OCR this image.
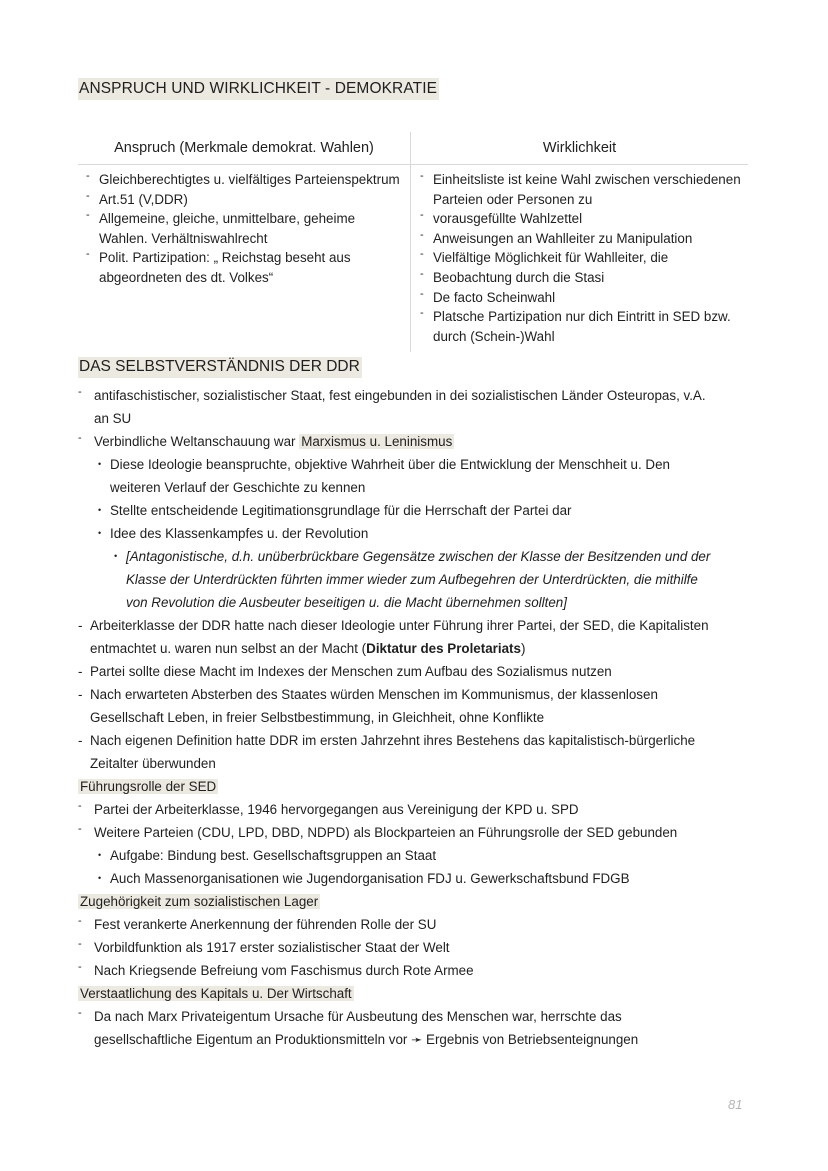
ANSPRUCH UND WIRKLICHKEIT - DEMOKRATIE
Anspruch (Merkmale demokrat. Wahlen)	Wirklichkeit
- Gleichberechtigtes u. vielfältiges Parteienspektrum
- Art.51 (V,DDR)
- Allgemeine, gleiche, unmittelbare, geheime Wahlen. Verhältniswahlrecht
- Polit. Partizipation: „ Reichstag beseht aus abgeordneten des dt. Volkes“
- Einheitsliste ist keine Wahl zwischen verschiedenen Parteien oder Personen zu
- vorausgefüllte Wahlzettel
- Anweisungen an Wahlleiter zu Manipulation
- Vielfältige Möglichkeit für Wahlleiter, die
- Beobachtung durch die Stasi
- De facto Scheinwahl
- Platsche Partizipation nur dich Eintritt in SED bzw. durch (Schein-)Wahl
DAS SELBSTVERSTÄNDNIS DER DDR
- antifaschistischer, sozialistischer Staat, fest eingebunden in dei sozialistischen Länder Osteuropas, v.A.
an SU
- Verbindliche Weltanschauung war Marxismus u. Leninismus
• Diese Ideologie beanspruchte, objektive Wahrheit über die Entwicklung der Menschheit u. Den
weiteren Verlauf der Geschichte zu kennen
• Stellte entscheidende Legitimationsgrundlage für die Herrschaft der Partei dar
• Idee des Klassenkampfes u. der Revolution
• [Antagonistische, d.h. unüberbrückbare Gegensätze zwischen der Klasse der Besitzenden und der
Klasse der Unterdrückten führten immer wieder zum Aufbegehren der Unterdrückten, die mithilfe
von Revolution die Ausbeuter beseitigen u. die Macht übernehmen sollten]
- Arbeiterklasse der DDR hatte nach dieser Ideologie unter Führung ihrer Partei, der SED, die Kapitalisten
entmachtet u. waren nun selbst an der Macht (Diktatur des Proletariats)
- Partei sollte diese Macht im Indexes der Menschen zum Aufbau des Sozialismus nutzen
- Nach erwarteten Absterben des Staates würden Menschen im Kommunismus, der klassenlosen
Gesellschaft Leben, in freier Selbstbestimmung, in Gleichheit, ohne Konflikte
- Nach eigenen Definition hatte DDR im ersten Jahrzehnt ihres Bestehens das kapitalistisch-bürgerliche
Zeitalter überwunden
Führungsrolle der SED
- Partei der Arbeiterklasse, 1946 hervorgegangen aus Vereinigung der KPD u. SPD
- Weitere Parteien (CDU, LPD, DBD, NDPD) als Blockparteien an Führungsrolle der SED gebunden
• Aufgabe: Bindung best. Gesellschaftsgruppen an Staat
• Auch Massenorganisationen wie Jugendorganisation FDJ u. Gewerkschaftsbund FDGB
Zugehörigkeit zum sozialistischen Lager
- Fest verankerte Anerkennung der führenden Rolle der SU
- Vorbildfunktion als 1917 erster sozialistischer Staat der Welt
- Nach Kriegsende Befreiung vom Faschismus durch Rote Armee
Verstaatlichung des Kapitals u. Der Wirtschaft
- Da nach Marx Privateigentum Ursache für Ausbeutung des Menschen war, herrschte das
gesellschaftliche Eigentum an Produktionsmitteln vor ➛ Ergebnis von Betriebsenteignungen
81
